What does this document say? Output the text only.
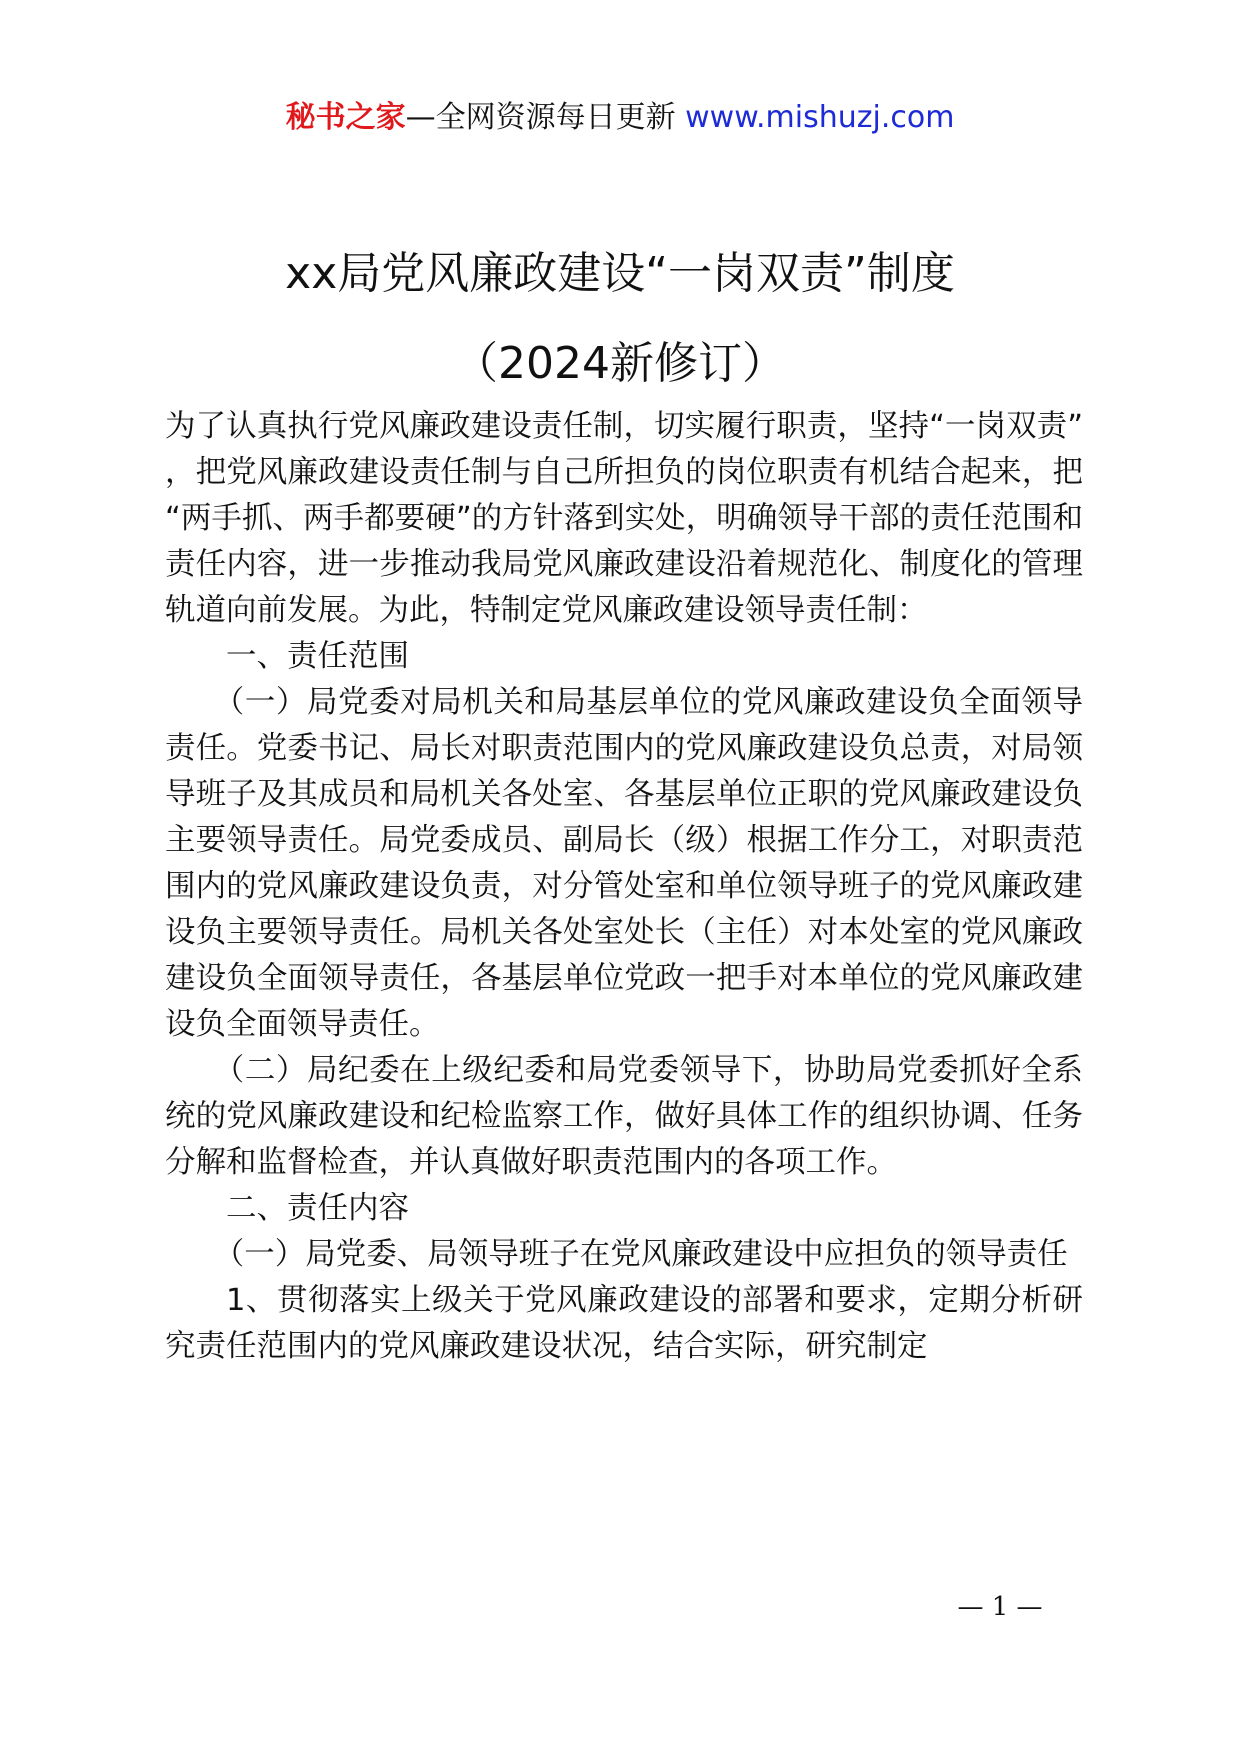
秘书之家—全网资源每日更新 www.mishuzj.com
xx局党风廉政建设“一岗双责”制度
（2024新修订）

为了认真执行党风廉政建设责任制，切实履行职责，坚持“一岗双责”，把党风廉政建设责任制与自己所担负的岗位职责有机结合起来，把“两手抓、两手都要硬”的方针落到实处，明确领导干部的责任范围和责任内容，进一步推动我局党风廉政建设沿着规范化、制度化的管理轨道向前发展。为此，特制定党风廉政建设领导责任制：

一、责任范围

（一）局党委对局机关和局基层单位的党风廉政建设负全面领导责任。党委书记、局长对职责范围内的党风廉政建设负总责，对局领导班子及其成员和局机关各处室、各基层单位正职的党风廉政建设负主要领导责任。局党委成员、副局长（级）根据工作分工，对职责范围内的党风廉政建设负责，对分管处室和单位领导班子的党风廉政建设负主要领导责任。局机关各处室处长（主任）对本处室的党风廉政建设负全面领导责任，各基层单位党政一把手对本单位的党风廉政建设负全面领导责任。

（二）局纪委在上级纪委和局党委领导下，协助局党委抓好全系统的党风廉政建设和纪检监察工作，做好具体工作的组织协调、任务分解和监督检查，并认真做好职责范围内的各项工作。

二、责任内容

（一）局党委、局领导班子在党风廉政建设中应担负的领导责任

1、贯彻落实上级关于党风廉政建设的部署和要求，定期分析研究责任范围内的党风廉政建设状况，结合实际，研究制定

— 1 —
